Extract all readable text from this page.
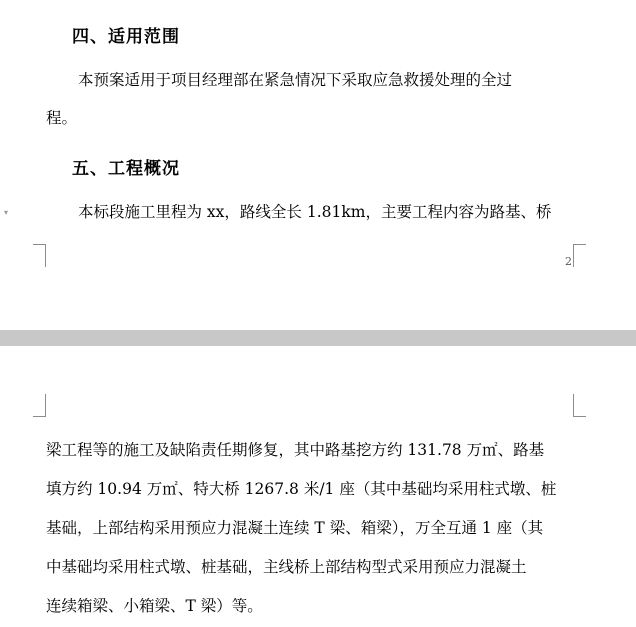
四、适用范围

本预案适用于项目经理部在紧急情况下采取应急救援处理的全过

程。

五、工程概况

本标段施工里程为 xx，路线全长 1.81km，主要工程内容为路基、桥

▾
2

梁工程等的施工及缺陷责任期修复，其中路基挖方约 131.78 万㎡、路基

填方约 10.94 万㎡、特大桥 1267.8 米/1 座（其中基础均采用柱式墩、桩

基础，上部结构采用预应力混凝土连续 T 梁、箱梁），万全互通 1 座（其

中基础均采用柱式墩、桩基础，主线桥上部结构型式采用预应力混凝土

连续箱梁、小箱梁、T 梁）等。
